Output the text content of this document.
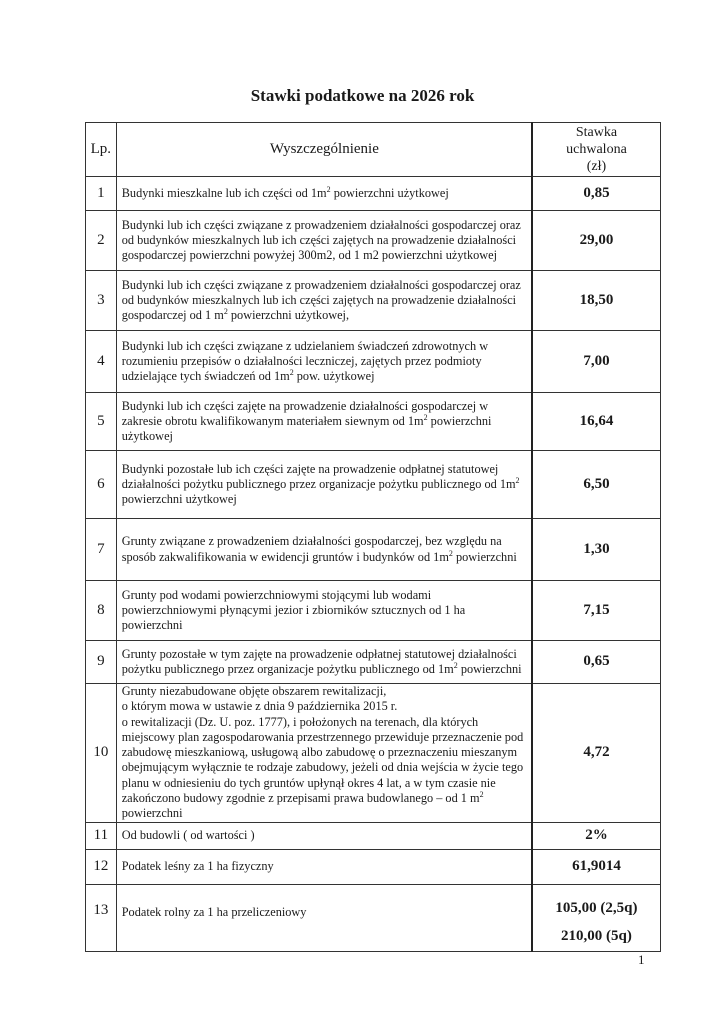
Stawki podatkowe na 2026 rok
Lp.	Wyszczególnienie	Stawka
uchwalona
(zł)

1	Budynki mieszkalne lub ich części od $1m^2$ powierzchni użytkowej	0,85
2	Budynki lub ich części związane z prowadzeniem działalności gospodarczej oraz od budynków mieszkalnych lub ich części zajętych na prowadzenie działalności gospodarczej powierzchni powyżej 300m2, od 1 m2 powierzchni użytkowej	29,00
3	Budynki lub ich części związane z prowadzeniem działalności gospodarczej oraz od budynków mieszkalnych lub ich części zajętych na prowadzenie działalności gospodarczej od 1 $m^2$ powierzchni użytkowej,	18,50
4	Budynki lub ich części związane z udzielaniem świadczeń zdrowotnych w rozumieniu przepisów o działalności leczniczej, zajętych przez podmioty udzielające tych świadczeń od $1m^2$ pow. użytkowej	7,00
5	Budynki lub ich części zajęte na prowadzenie działalności gospodarczej w zakresie obrotu kwalifikowanym materiałem siewnym od $1m^2$ powierzchni użytkowej	16,64
6	Budynki pozostałe lub ich części zajęte na prowadzenie odpłatnej statutowej działalności pożytku publicznego przez organizacje pożytku publicznego od $1m^2$ powierzchni użytkowej	6,50
7	Grunty związane z prowadzeniem działalności gospodarczej, bez względu na sposób zakwalifikowania w ewidencji gruntów i budynków od $1m^2$ powierzchni	1,30
8	Grunty pod wodami powierzchniowymi stojącymi lub wodami powierzchniowymi płynącymi jezior i zbiorników sztucznych od 1 ha powierzchni	7,15
9	Grunty pozostałe w tym zajęte na prowadzenie odpłatnej statutowej działalności pożytku publicznego przez organizacje pożytku publicznego od $1m^2$ powierzchni	0,65
10	Grunty niezabudowane objęte obszarem rewitalizacji,
o którym mowa w ustawie z dnia 9 października 2015 r.
o rewitalizacji (Dz. U. poz. 1777), i położonych na terenach, dla których miejscowy plan zagospodarowania przestrzennego przewiduje przeznaczenie pod zabudowę mieszkaniową, usługową albo zabudowę o przeznaczeniu mieszanym obejmującym wyłącznie te rodzaje zabudowy, jeżeli od dnia wejścia w życie tego planu w odniesieniu do tych gruntów upłynął okres 4 lat, a w tym czasie nie zakończono budowy zgodnie z przepisami prawa budowlanego – od 1 $m^2$ powierzchni	4,72
11	Od budowli ( od wartości )	2%
12	Podatek leśny za 1 ha fizyczny	61,9014
13	Podatek rolny za 1 ha przeliczeniowy	105,00 (2,5q)
210,00 (5q)
1
